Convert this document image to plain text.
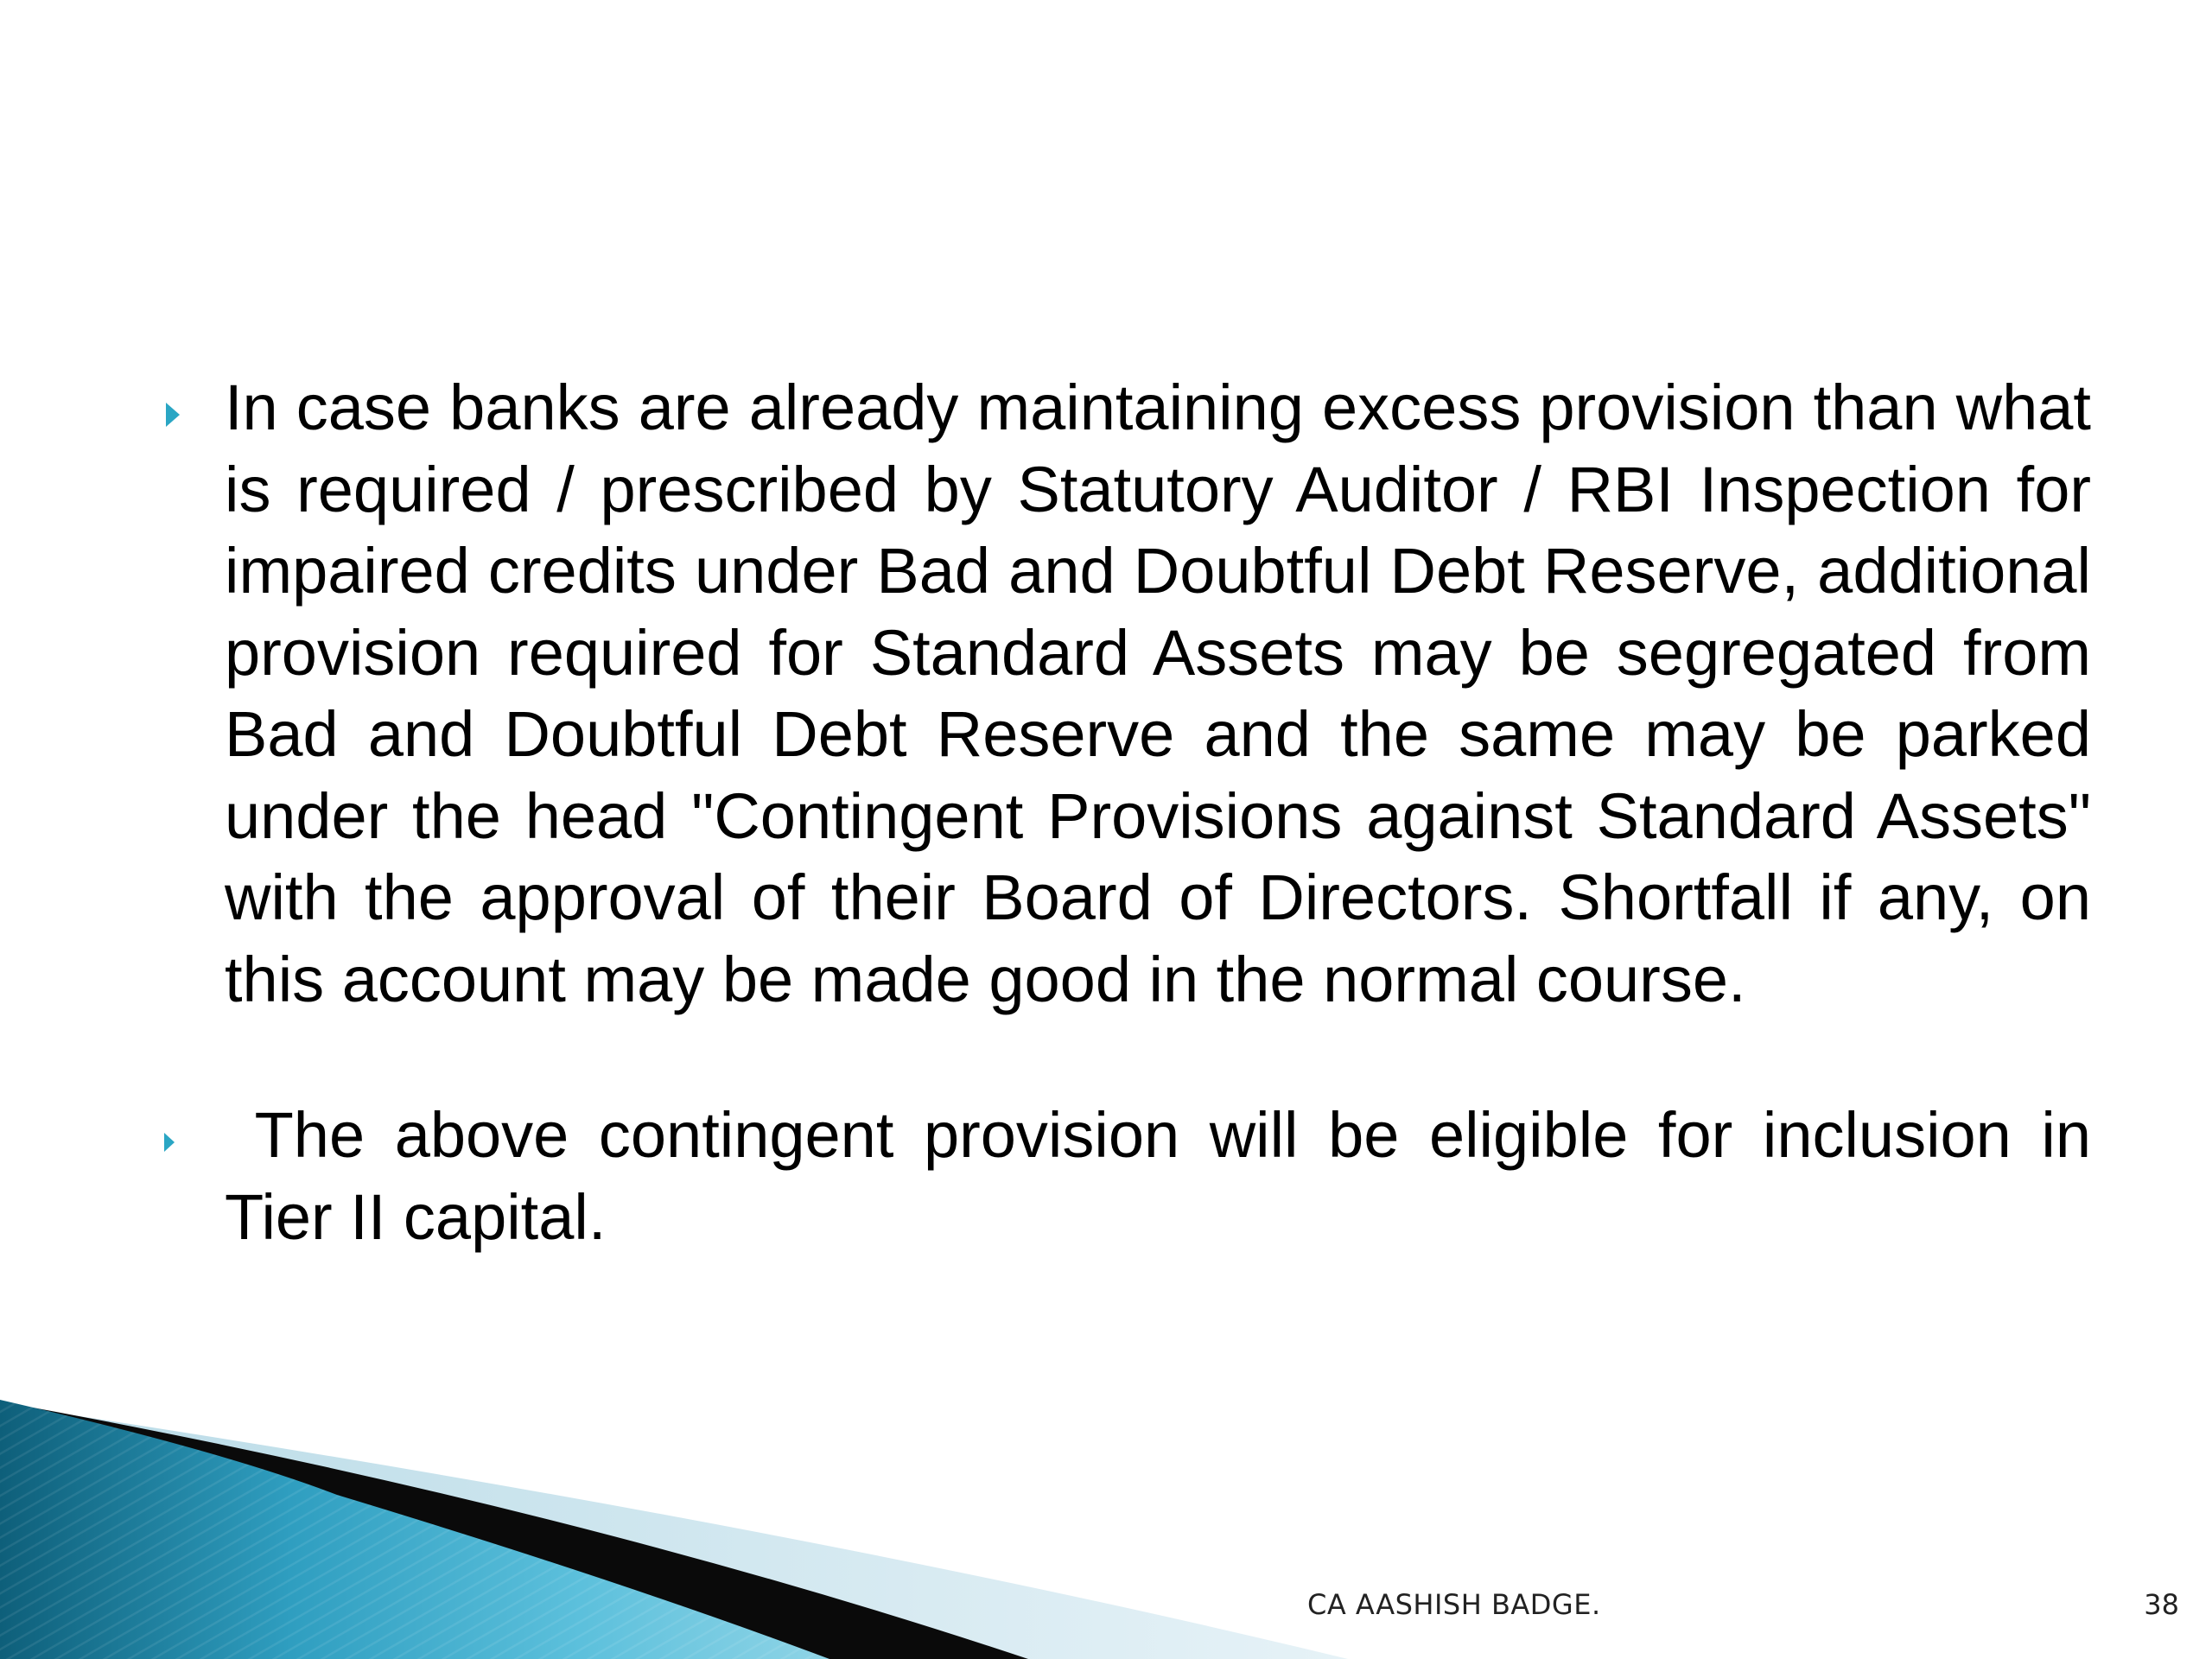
In case banks are already maintaining excess provision than what is required / prescribed by Statutory Auditor / RBI Inspection for impaired credits under Bad and Doubtful Debt Reserve, additional provision required for Standard Assets may be segregated from Bad and Doubtful Debt Reserve and the same may be parked under the head "Contingent Provisions against Standard Assets" with the approval of their Board of Directors. Shortfall if any, on this account may be made good in the normal course.
The above contingent provision will be eligible for inclusion in Tier II capital.
CA AASHISH BADGE.	38
